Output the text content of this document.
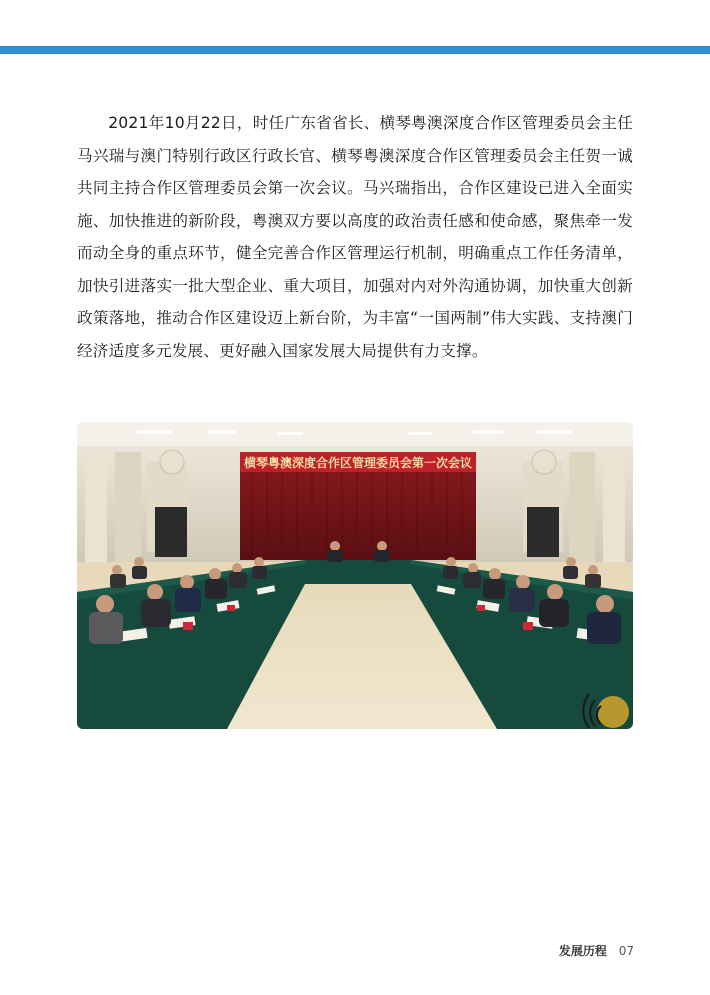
2021年10月22日，时任广东省省长、横琴粤澳深度合作区管理委员会主任马兴瑞与澳门特别行政区行政长官、横琴粤澳深度合作区管理委员会主任贺一诚共同主持合作区管理委员会第一次会议。马兴瑞指出，合作区建设已进入全面实施、加快推进的新阶段，粤澳双方要以高度的政治责任感和使命感，聚焦牵一发而动全身的重点环节，健全完善合作区管理运行机制，明确重点工作任务清单，加快引进落实一批大型企业、重大项目，加强对内对外沟通协调，加快重大创新政策落地，推动合作区建设迈上新台阶，为丰富“一国两制”伟大实践、支持澳门经济适度多元发展、更好融入国家发展大局提供有力支撑。

横琴粤澳深度合作区管理委员会第一次会议
发展历程 07
